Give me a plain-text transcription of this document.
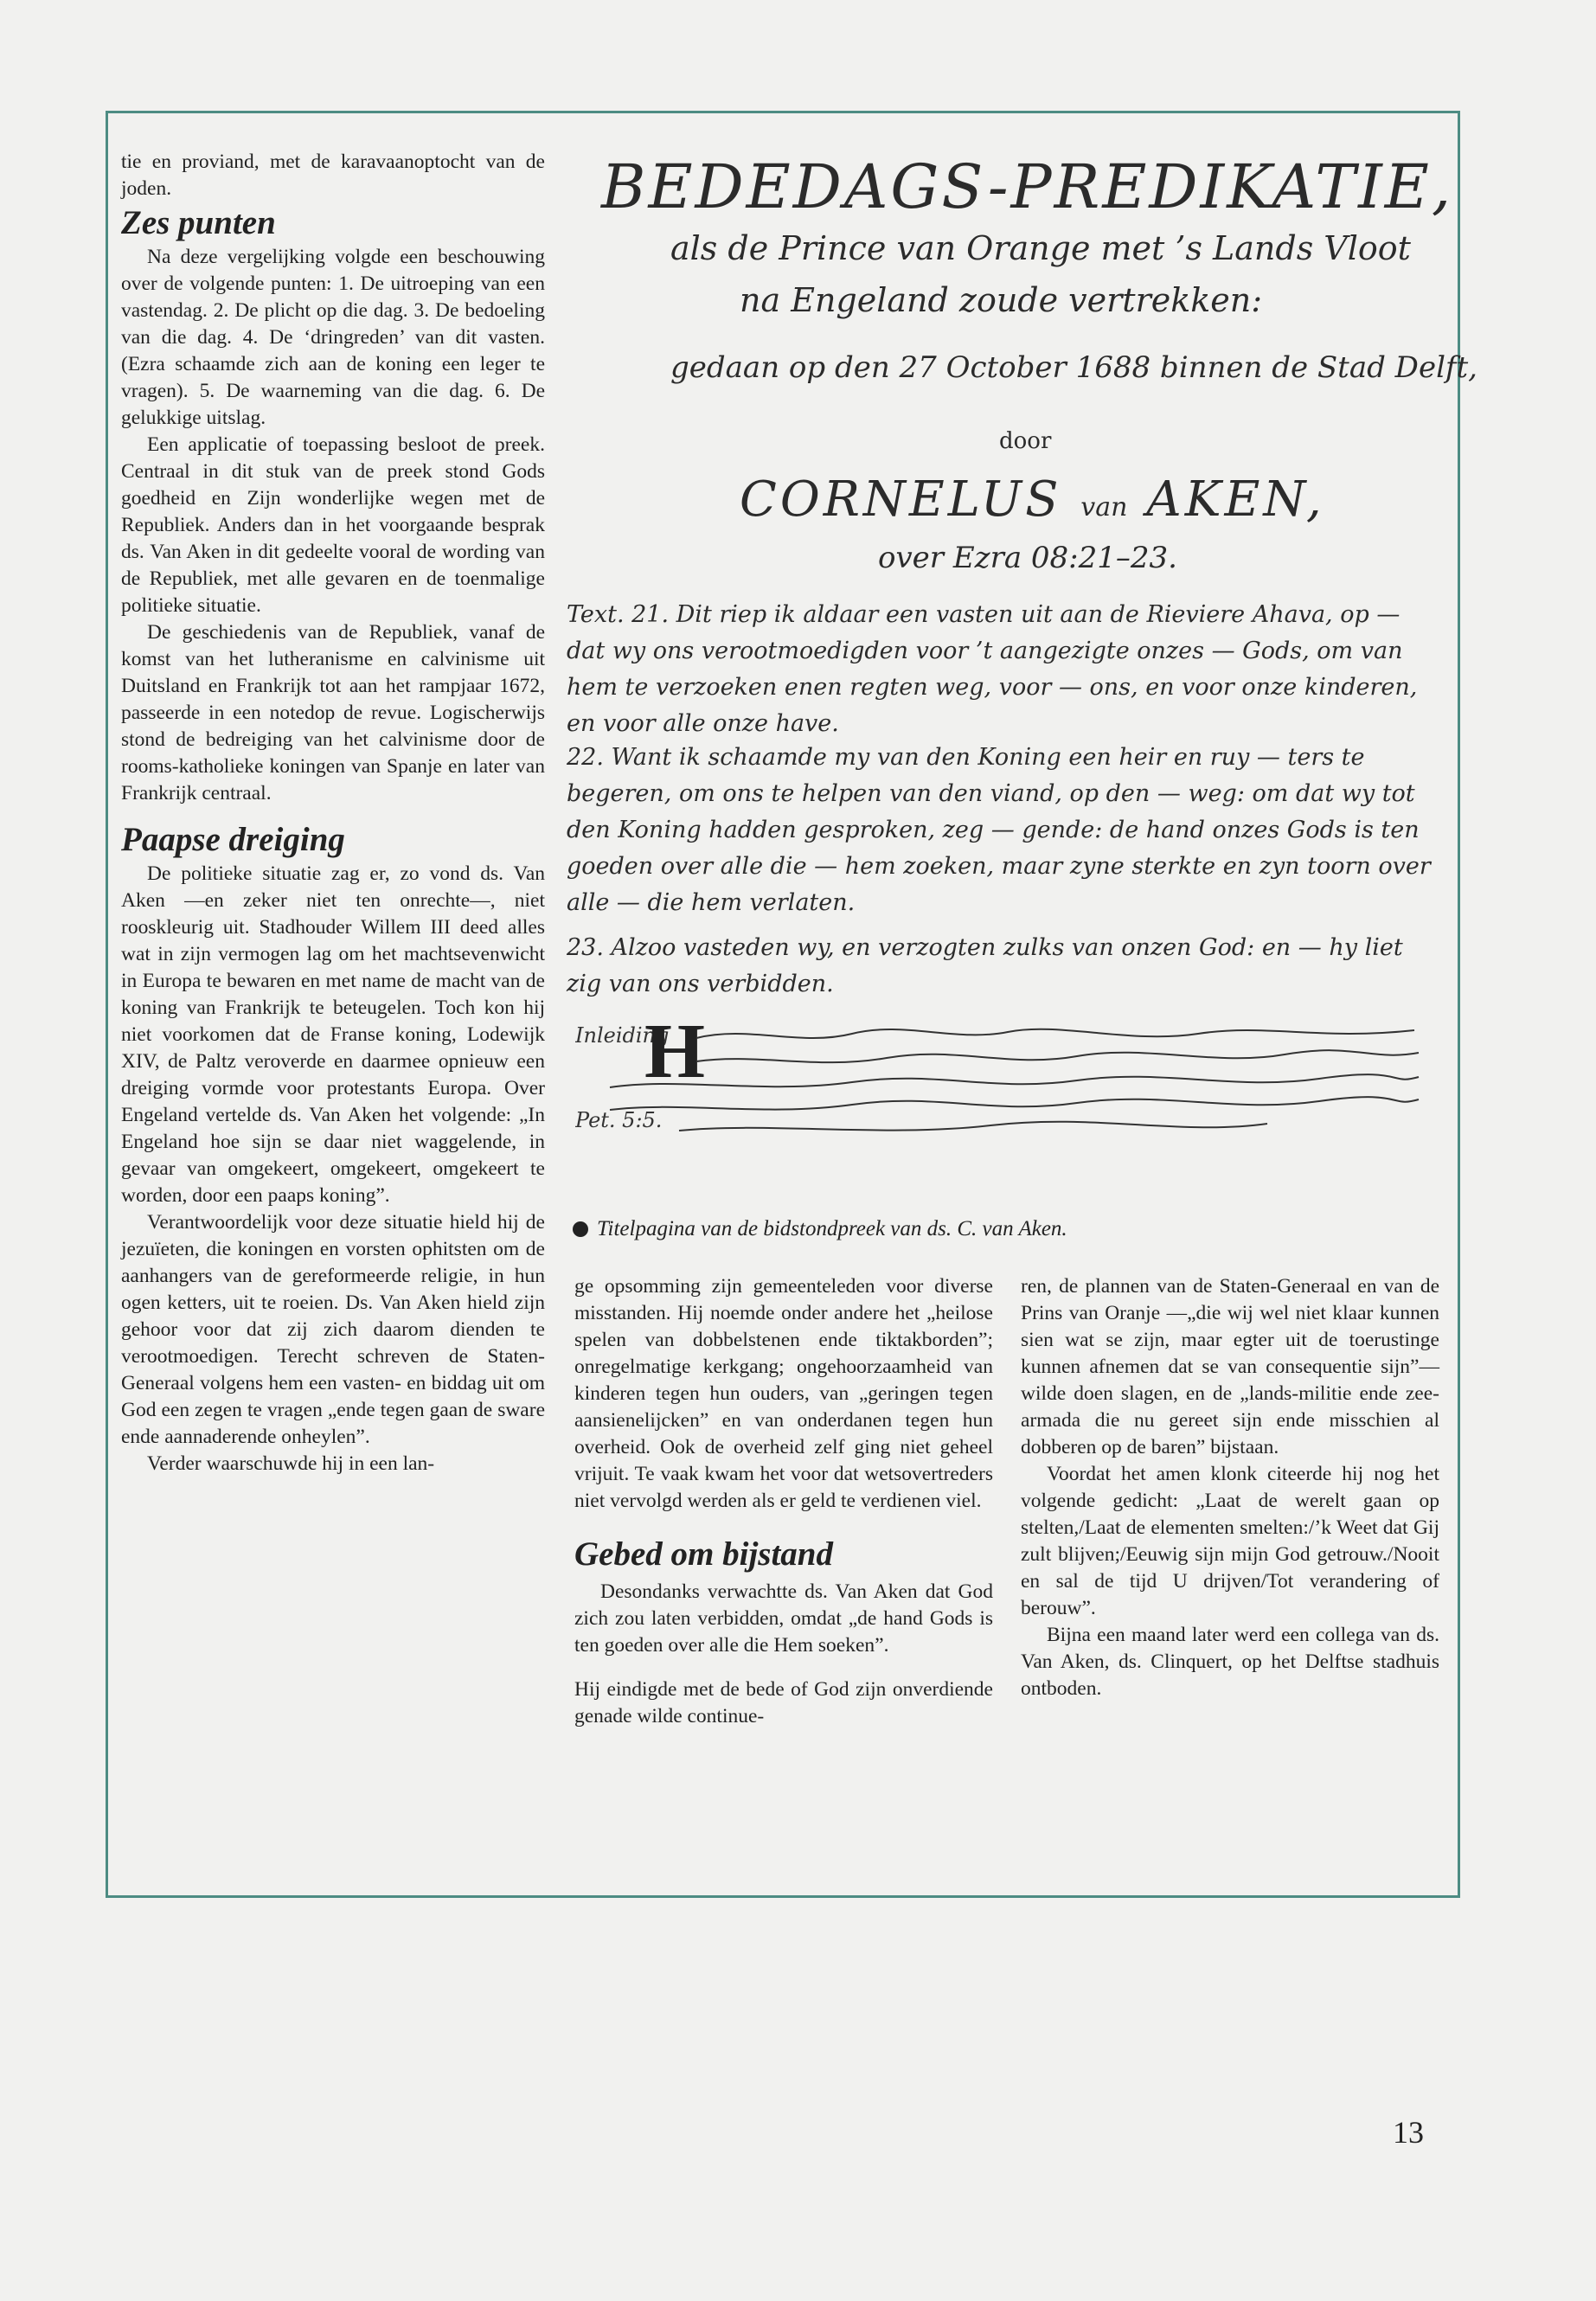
tie en proviand, met de karavaanoptocht van de joden.

Zes punten

Na deze vergelijking volgde een beschouwing over de volgende punten: 1. De uitroeping van een vastendag. 2. De plicht op die dag. 3. De bedoeling van die dag. 4. De ‘dringreden’ van dit vasten. (Ezra schaamde zich aan de koning een leger te vragen). 5. De waarneming van die dag. 6. De gelukkige uitslag.

Een applicatie of toepassing besloot de preek. Centraal in dit stuk van de preek stond Gods goedheid en Zijn wonderlijke wegen met de Republiek. Anders dan in het voorgaande besprak ds. Van Aken in dit gedeelte vooral de wording van de Republiek, met alle gevaren en de toenmalige politieke situatie.

De geschiedenis van de Republiek, vanaf de komst van het lutheranisme en calvinisme uit Duitsland en Frankrijk tot aan het rampjaar 1672, passeerde in een notedop de revue. Logischerwijs stond de bedreiging van het calvinisme door de rooms-katholieke koningen van Spanje en later van Frankrijk centraal.

Paapse dreiging

De politieke situatie zag er, zo vond ds. Van Aken —en zeker niet ten onrechte—, niet rooskleurig uit. Stadhouder Willem III deed alles wat in zijn vermogen lag om het machtsevenwicht in Europa te bewaren en met name de macht van de koning van Frankrijk te beteugelen. Toch kon hij niet voorkomen dat de Franse koning, Lodewijk XIV, de Paltz veroverde en daarmee opnieuw een dreiging vormde voor protestants Europa. Over Engeland vertelde ds. Van Aken het volgende: „In Engeland hoe sijn se daar niet waggelende, in gevaar van omgekeert, omgekeert, omgekeert te worden, door een paaps koning”.

Verantwoordelijk voor deze situatie hield hij de jezuïeten, die koningen en vorsten ophitsten om de aanhangers van de gereformeerde religie, in hun ogen ketters, uit te roeien. Ds. Van Aken hield zijn gehoor voor dat zij zich daarom dienden te verootmoedigen. Terecht schreven de Staten-Generaal volgens hem een vasten- en biddag uit om God een zegen te vragen „ende tegen gaan de sware ende aannaderende onheylen”.

Verder waarschuwde hij in een lan-

BEDEDAGS-PREDIKATIE,
als de Prince van Orange met ’s Lands Vloot
na Engeland zoude vertrekken:
gedaan op den 27 October 1688 binnen de Stad Delft,
door
CORNELUS van AKEN,
over Ezra 08:21–23.
Text. 21. Dit riep ik aldaar een vasten uit aan de Rieviere Ahava, op — dat wy ons verootmoedigden voor ’t aangezigte onzes — Gods, om van hem te verzoeken enen regten weg, voor — ons, en voor onze kinderen, en voor alle onze have.
22. Want ik schaamde my van den Koning een heir en ruy — ters te begeren, om ons te helpen van den viand, op den — weg: om dat wy tot den Koning hadden gesproken, zeg — gende: de hand onzes Gods is ten goeden over alle die — hem zoeken, maar zyne sterkte en zyn toorn over alle — die hem verlaten.
23. Alzoo vasteden wy, en verzogten zulks van onzen God: en — hy liet zig van ons verbidden.
Inleiding
H
Pet. 5:5.
Titelpagina van de bidstondpreek van ds. C. van Aken.

ge opsomming zijn gemeenteleden voor diverse misstanden. Hij noemde onder andere het „heilose spelen van dobbelstenen ende tiktakborden”; onregelmatige kerkgang; ongehoorzaamheid van kinderen tegen hun ouders, van „geringen tegen aansienelijcken” en van onderdanen tegen hun overheid. Ook de overheid zelf ging niet geheel vrijuit. Te vaak kwam het voor dat wetsovertreders niet vervolgd werden als er geld te verdienen viel.

Gebed om bijstand

Desondanks verwachtte ds. Van Aken dat God zich zou laten verbidden, omdat „de hand Gods is ten goeden over alle die Hem soeken”.

Hij eindigde met de bede of God zijn onverdiende genade wilde continue-

ren, de plannen van de Staten-Generaal en van de Prins van Oranje —„die wij wel niet klaar kunnen sien wat se zijn, maar egter uit de toerustinge kunnen afnemen dat se van consequentie sijn”— wilde doen slagen, en de „lands-militie ende zee-armada die nu gereet sijn ende misschien al dobberen op de baren” bijstaan.

Voordat het amen klonk citeerde hij nog het volgende gedicht: „Laat de werelt gaan op stelten,/Laat de elementen smelten:/’k Weet dat Gij zult blijven;/Eeuwig sijn mijn God getrouw./Nooit en sal de tijd U drijven/Tot verandering of berouw”.

Bijna een maand later werd een collega van ds. Van Aken, ds. Clinquert, op het Delftse stadhuis ontboden.

13
